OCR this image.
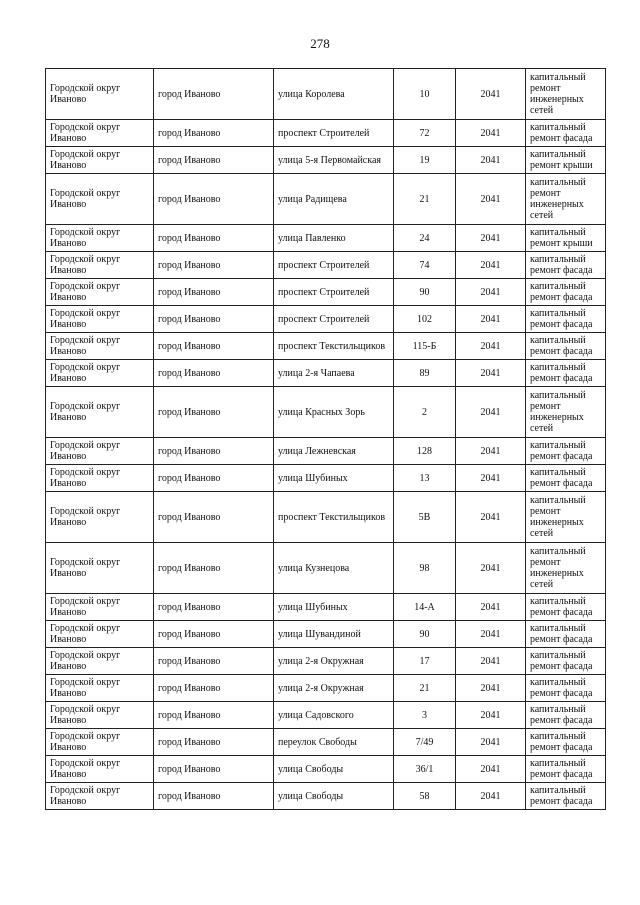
278
Городской округ Иваново	город Иваново	улица Королева	10	2041	капитальный ремонт инженерных сетей
Городской округ Иваново	город Иваново	проспект Строителей	72	2041	капитальный ремонт фасада
Городской округ Иваново	город Иваново	улица 5-я Первомайская	19	2041	капитальный ремонт крыши
Городской округ Иваново	город Иваново	улица Радищева	21	2041	капитальный ремонт инженерных сетей
Городской округ Иваново	город Иваново	улица Павленко	24	2041	капитальный ремонт крыши
Городской округ Иваново	город Иваново	проспект Строителей	74	2041	капитальный ремонт фасада
Городской округ Иваново	город Иваново	проспект Строителей	90	2041	капитальный ремонт фасада
Городской округ Иваново	город Иваново	проспект Строителей	102	2041	капитальный ремонт фасада
Городской округ Иваново	город Иваново	проспект Текстильщиков	115-Б	2041	капитальный ремонт фасада
Городской округ Иваново	город Иваново	улица 2-я Чапаева	89	2041	капитальный ремонт фасада
Городской округ Иваново	город Иваново	улица Красных Зорь	2	2041	капитальный ремонт инженерных сетей
Городской округ Иваново	город Иваново	улица Лежневская	128	2041	капитальный ремонт фасада
Городской округ Иваново	город Иваново	улица Шубиных	13	2041	капитальный ремонт фасада
Городской округ Иваново	город Иваново	проспект Текстильщиков	5В	2041	капитальный ремонт инженерных сетей
Городской округ Иваново	город Иваново	улица Кузнецова	98	2041	капитальный ремонт инженерных сетей
Городской округ Иваново	город Иваново	улица Шубиных	14-А	2041	капитальный ремонт фасада
Городской округ Иваново	город Иваново	улица Шувандиной	90	2041	капитальный ремонт фасада
Городской округ Иваново	город Иваново	улица 2-я Окружная	17	2041	капитальный ремонт фасада
Городской округ Иваново	город Иваново	улица 2-я Окружная	21	2041	капитальный ремонт фасада
Городской округ Иваново	город Иваново	улица Садовского	3	2041	капитальный ремонт фасада
Городской округ Иваново	город Иваново	переулок Свободы	7/49	2041	капитальный ремонт фасада
Городской округ Иваново	город Иваново	улица Свободы	36/1	2041	капитальный ремонт фасада
Городской округ Иваново	город Иваново	улица Свободы	58	2041	капитальный ремонт фасада
